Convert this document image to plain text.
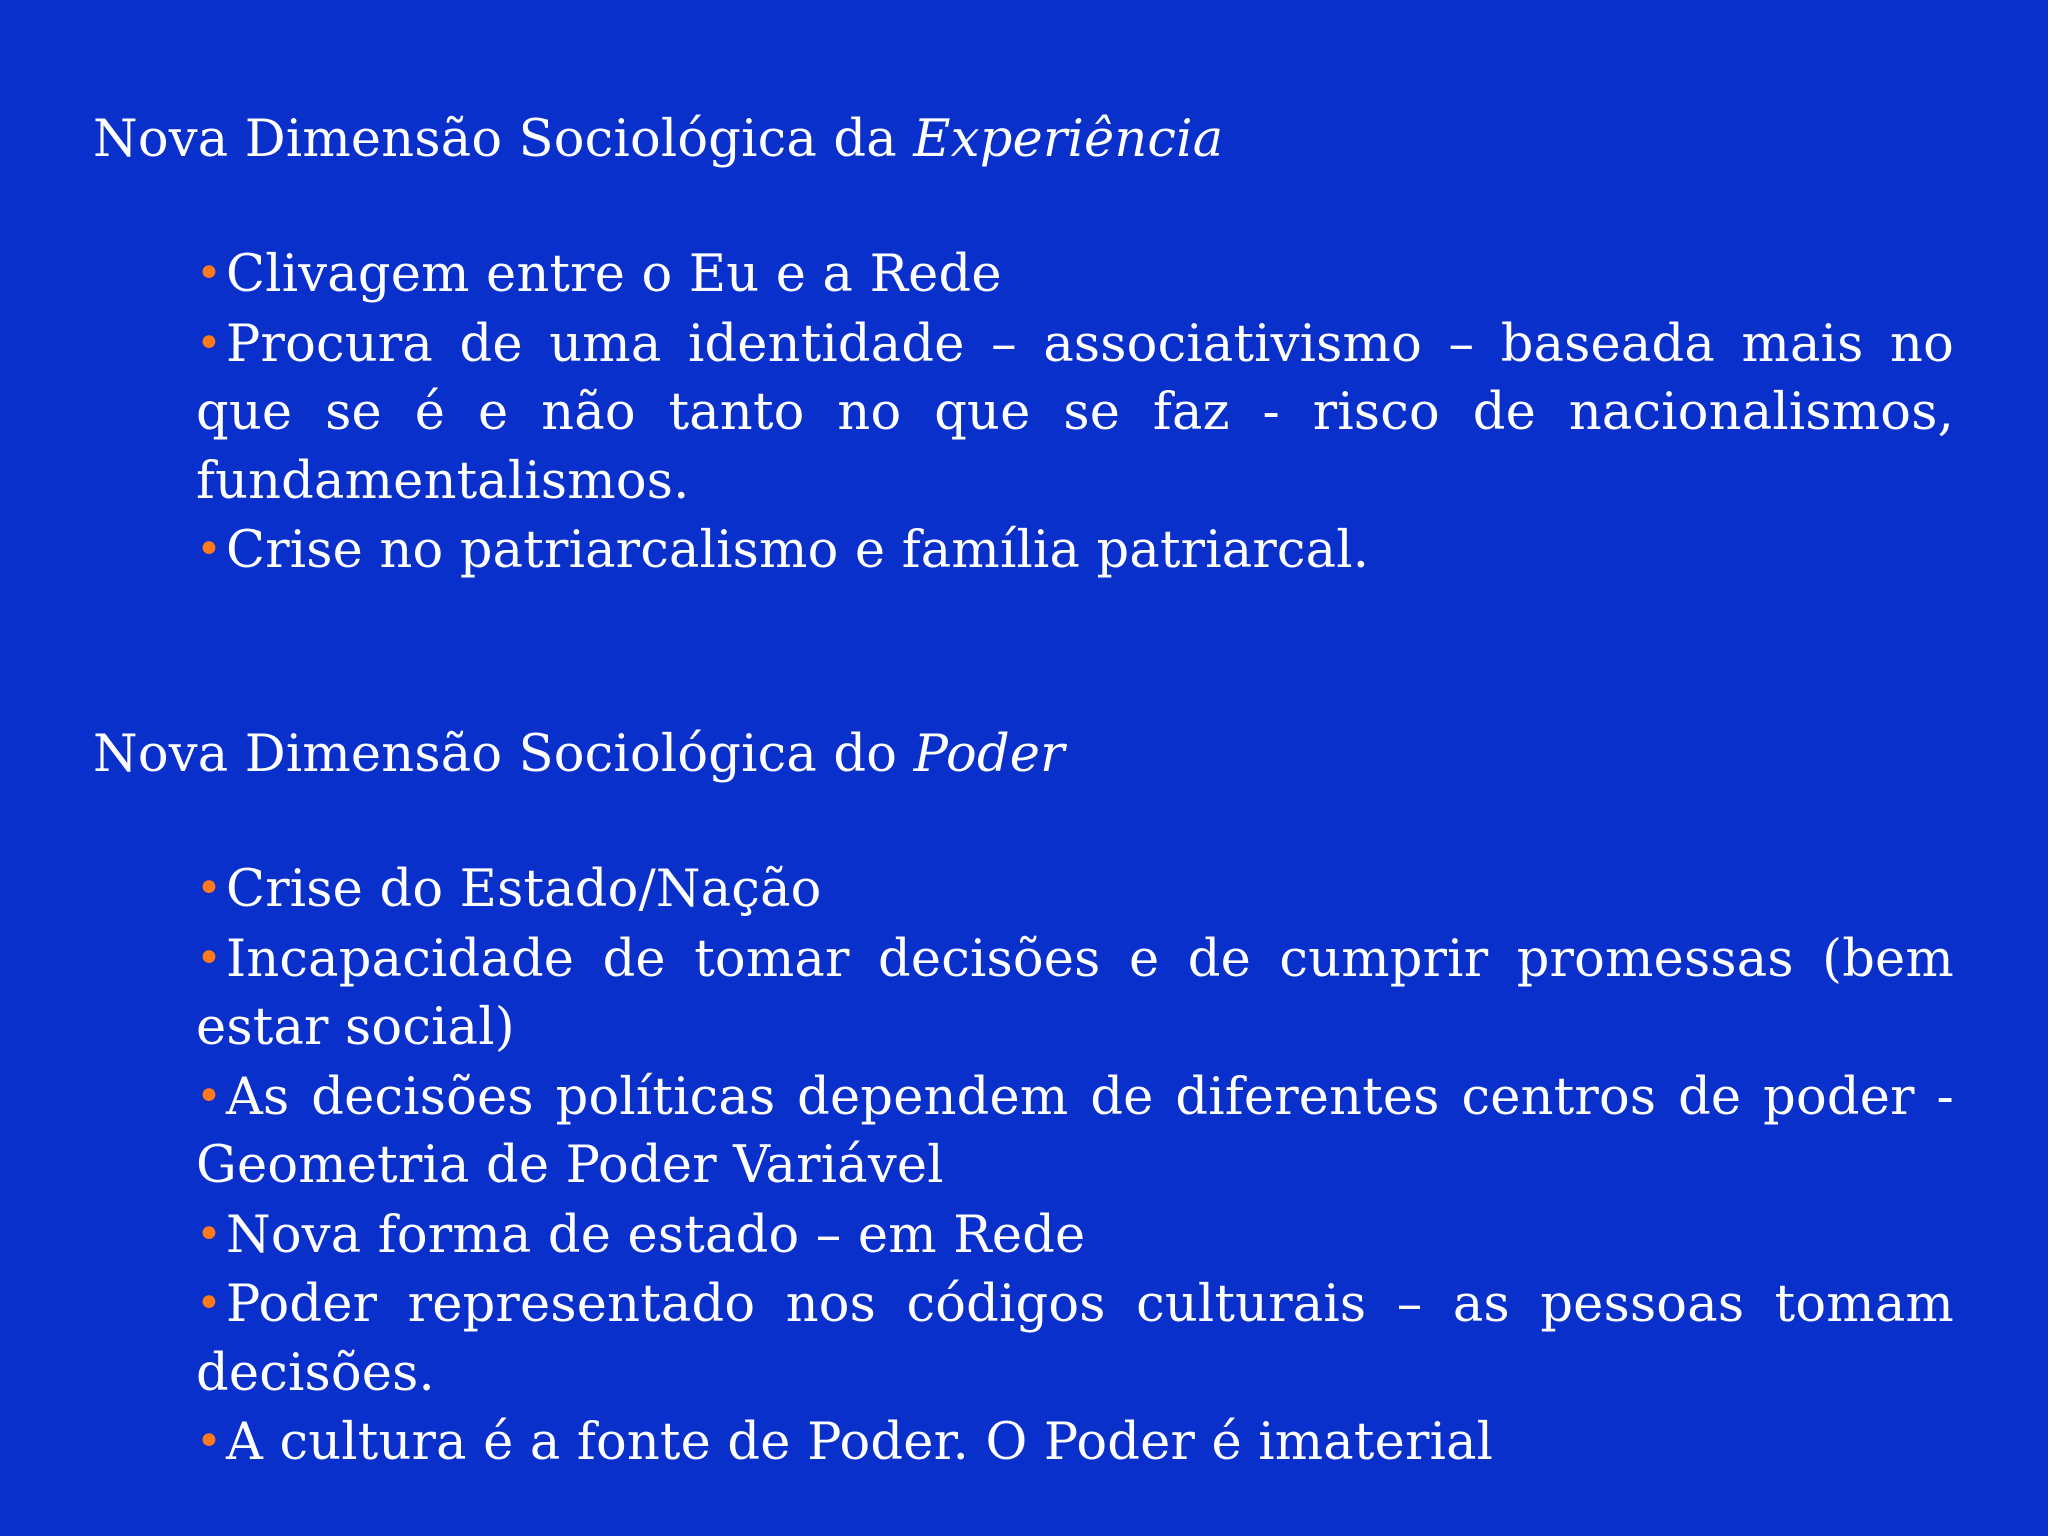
Nova Dimensão Sociológica da Experiência
•Clivagem entre o Eu e a Rede
•Procura de uma identidade – associativismo – baseada mais no que se é e não tanto no que se faz - risco de nacionalismos, fundamentalismos.
•Crise no patriarcalismo e família patriarcal.
Nova Dimensão Sociológica do Poder
•Crise do Estado/Nação
•Incapacidade de tomar decisões e de cumprir promessas (bem estar social)
•As decisões políticas dependem de diferentes centros de poder - Geometria de Poder Variável
•Nova forma de estado – em Rede
•Poder representado nos códigos culturais – as pessoas tomam decisões.
•A cultura é a fonte de Poder. O Poder é imaterial
